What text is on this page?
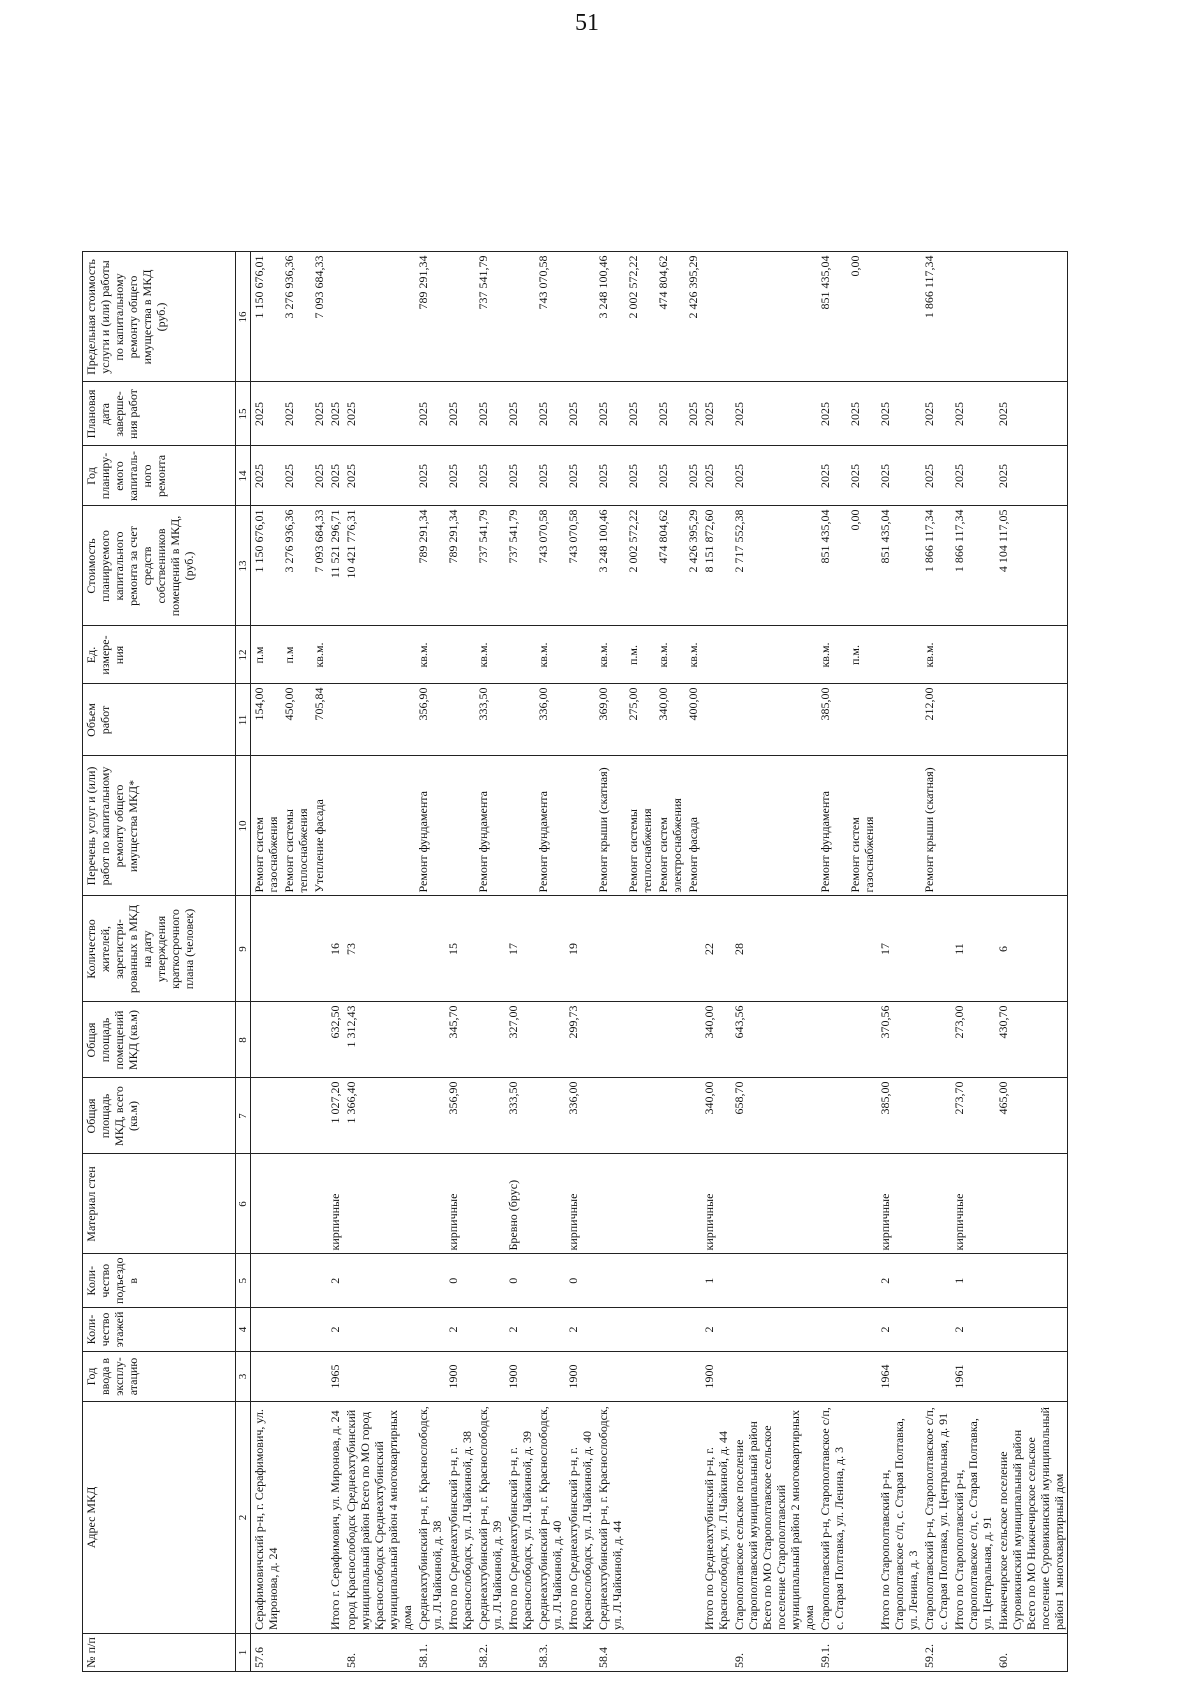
№ п/п	Адрес МКД	Год ввода в эксплу-атацию	Коли-чество этажей	Коли-чество подъездо в	Материал стен	Общая площадь МКД, всего (кв.м)	Общая площадь помещений МКД (кв.м)	Количество жителей, зарегистри-рованных в МКД на дату утверждения краткосрочного плана (человек)	Перечень услуг и (или) работ по капитальному ремонту общего имущества МКД*	Объем работ	Ед. измере-ния	Стоимость планируемого капитального ремонта за счет средств собственников помещений в МКД, (руб.)	Год планиру-емого капиталь-ного ремонта	Плановая дата заверше-ния работ	Предельная стоимость услуги и (или) работы по капитальному ремонту общего имущества в МКД (руб.)
1	2	3	4	5	6	7	8	9	10	11	12	13	14	15	16
57.6	Серафимовичский р-н, г. Серафимович, ул. Миронова, д. 24								Ремонт систем газоснабжения	154,00	п.м	1 150 676,01	2025	2025	1 150 676,01
									Ремонт системы теплоснабжения	450,00	п.м	3 276 936,36	2025	2025	3 276 936,36
									Утепление фасада	705,84	кв.м.	7 093 684,33	2025	2025	7 093 684,33
	Итого г. Серафимович, ул. Миронова, д. 24	1965	2	2	кирпичные	1 027,20	632,50	16				11 521 296,71	2025	2025	
58.	город Краснослободск Среднеахтубинский муниципальный район Всего по МО город Краснослободск Среднеахтубинский муниципальный район 4 многоквартирных дома					1 366,40	1 312,43	73				10 421 776,31	2025	2025	
58.1.	Среднеахтубинский р-н, г. Краснослободск, ул. Л.Чайкиной, д. 38								Ремонт фундамента	356,90	кв.м.	789 291,34	2025	2025	789 291,34
	Итого по Среднеахтубинский р-н, г. Краснослободск, ул. Л.Чайкиной, д. 38	1900	2	0	кирпичные	356,90	345,70	15				789 291,34	2025	2025	
58.2.	Среднеахтубинский р-н, г. Краснослободск, ул. Л.Чайкиной, д. 39								Ремонт фундамента	333,50	кв.м.	737 541,79	2025	2025	737 541,79
	Итого по Среднеахтубинский р-н, г. Краснослободск, ул. Л.Чайкиной, д. 39	1900	2	0	Бревно (брус)	333,50	327,00	17				737 541,79	2025	2025	
58.3.	Среднеахтубинский р-н, г. Краснослободск, ул. Л.Чайкиной, д. 40								Ремонт фундамента	336,00	кв.м.	743 070,58	2025	2025	743 070,58
	Итого по Среднеахтубинский р-н, г. Краснослободск, ул. Л.Чайкиной, д. 40	1900	2	0	кирпичные	336,00	299,73	19				743 070,58	2025	2025	
58.4	Среднеахтубинский р-н, г. Краснослободск, ул. Л.Чайкиной, д. 44								Ремонт крыши (скатная)	369,00	кв.м.	3 248 100,46	2025	2025	3 248 100,46
									Ремонт системы теплоснабжения	275,00	п.м.	2 002 572,22	2025	2025	2 002 572,22
									Ремонт систем электроснабжения	340,00	кв.м.	474 804,62	2025	2025	474 804,62
									Ремонт фасада	400,00	кв.м.	2 426 395,29	2025	2025	2 426 395,29
	Итого по Среднеахтубинский р-н, г. Краснослободск, ул. Л.Чайкиной, д. 44	1900	2	1	кирпичные	340,00	340,00	22				8 151 872,60	2025	2025	
59.	Старополтавское сельское поселение Старополтавский муниципальный район Всего по МО Старополтавское сельское поселение Старополтавский муниципальный район 2 многоквартирных дома					658,70	643,56	28				2 717 552,38	2025	2025	
59.1.	Старополтавский р-н, Старополтавское с/п, с. Старая Полтавка, ул. Ленина, д. 3								Ремонт фундамента	385,00	кв.м.	851 435,04	2025	2025	851 435,04
									Ремонт систем газоснабжения		п.м.	0,00	2025	2025	0,00
	Итого по Старополтавский р-н, Старополтавское с/п, с. Старая Полтавка, ул. Ленина, д. 3	1964	2	2	кирпичные	385,00	370,56	17				851 435,04	2025	2025	
59.2.	Старополтавский р-н, Старополтавское с/п, с. Старая Полтавка, ул. Центральная, д. 91								Ремонт крыши (скатная)	212,00	кв.м.	1 866 117,34	2025	2025	1 866 117,34
	Итого по Старополтавский р-н, Старополтавское с/п, с. Старая Полтавка, ул. Центральная, д. 91	1961	2	1	кирпичные	273,70	273,00	11				1 866 117,34	2025	2025	
60.	Нижнечирское сельское поселение Суровикинский муниципальный район Всего по МО Нижнечирское сельское поселение Суровикинский муниципальный район 1 многоквартирный дом					465,00	430,70	6				4 104 117,05	2025	2025	
51
